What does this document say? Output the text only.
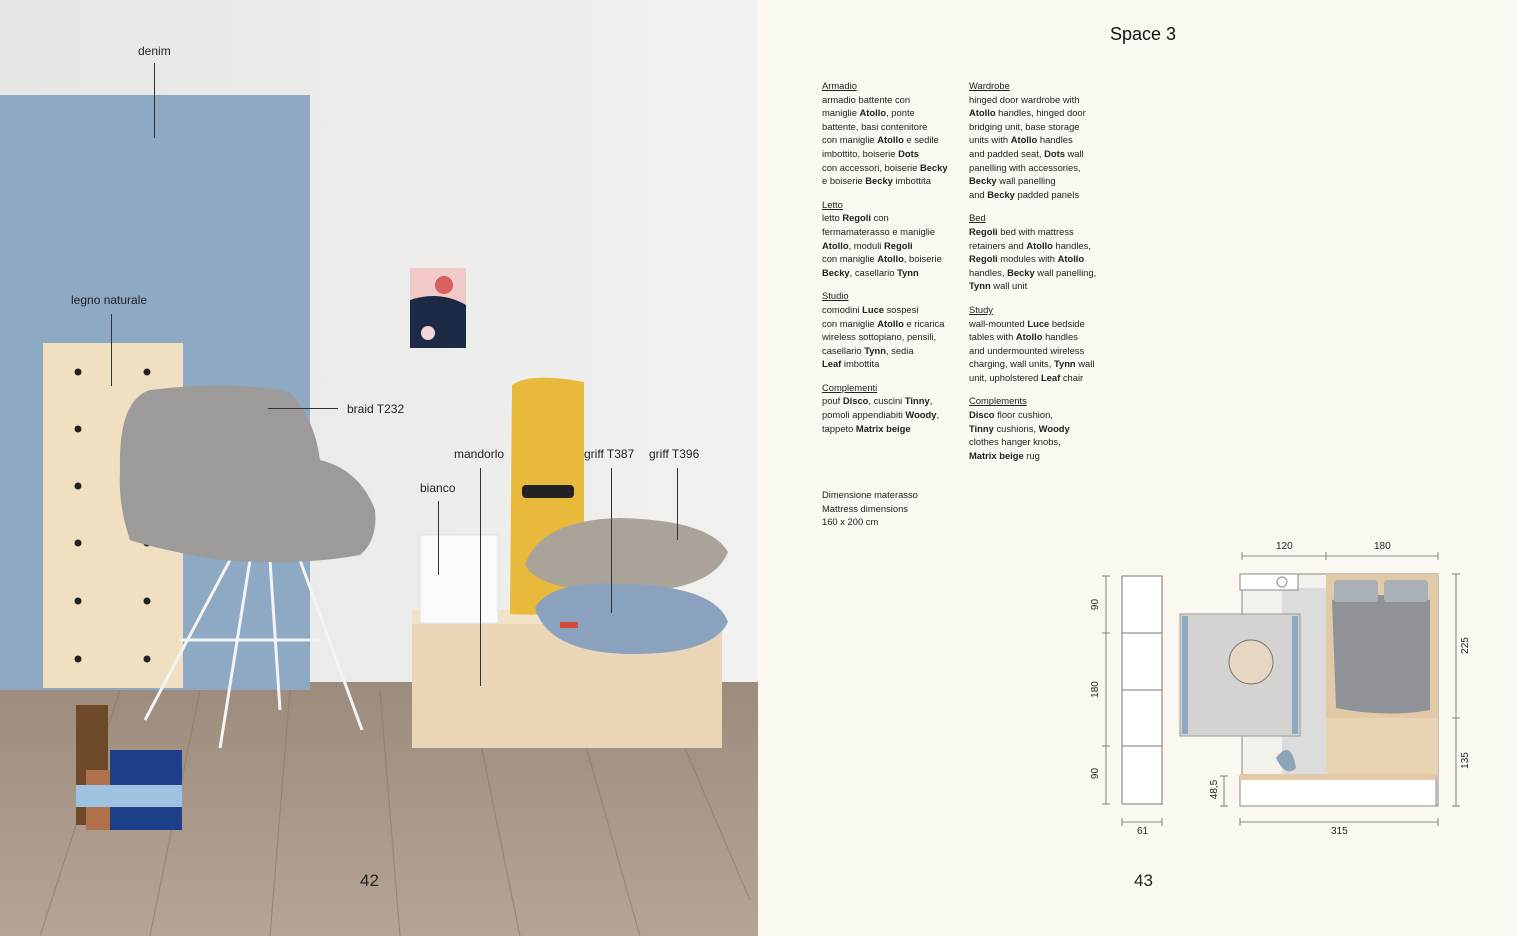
denim
legno naturale
braid T232
mandorlo
bianco
griff T387 griff T396
42
Space 3

Armadio

armadio battente con

maniglie Atollo, ponte

battente, basi contenitore

con maniglie Atollo e sedile

imbottito, boiserie Dots

con accessori, boiserie Becky

e boiserie Becky imbottita

Letto

letto Regoli con

fermamaterasso e maniglie

Atollo, moduli Regoli

con maniglie Atollo, boiserie

Becky, casellario Tynn

Studio

comodini Luce sospesi

con maniglie Atollo e ricarica

wireless sottopiano, pensili,

casellario Tynn, sedia

Leaf imbottita

Complementi

pouf Disco, cuscini Tinny,

pomoli appendiabiti Woody,

tappeto Matrix beige

Wardrobe

hinged door wardrobe with

Atollo handles, hinged door

bridging unit, base storage

units with Atollo handles

and padded seat, Dots wall

panelling with accessories,

Becky wall panelling

and Becky padded panels

Bed

Regoli bed with mattress

retainers and Atollo handles,

Regoli modules with Atollo

handles, Becky wall panelling,

Tynn wall unit

Study

wall-mounted Luce bedside

tables with Atollo handles

and undermounted wireless

charging, wall units, Tynn wall

unit, upholstered Leaf chair

Complements

Disco floor cushion,

Tinny cushions, Woody

clothes hanger knobs,

Matrix beige rug

Dimensione materasso

Mattress dimensions

160 x 200 cm

120	180
90
180
90
225
135
48,5
61	315
43
